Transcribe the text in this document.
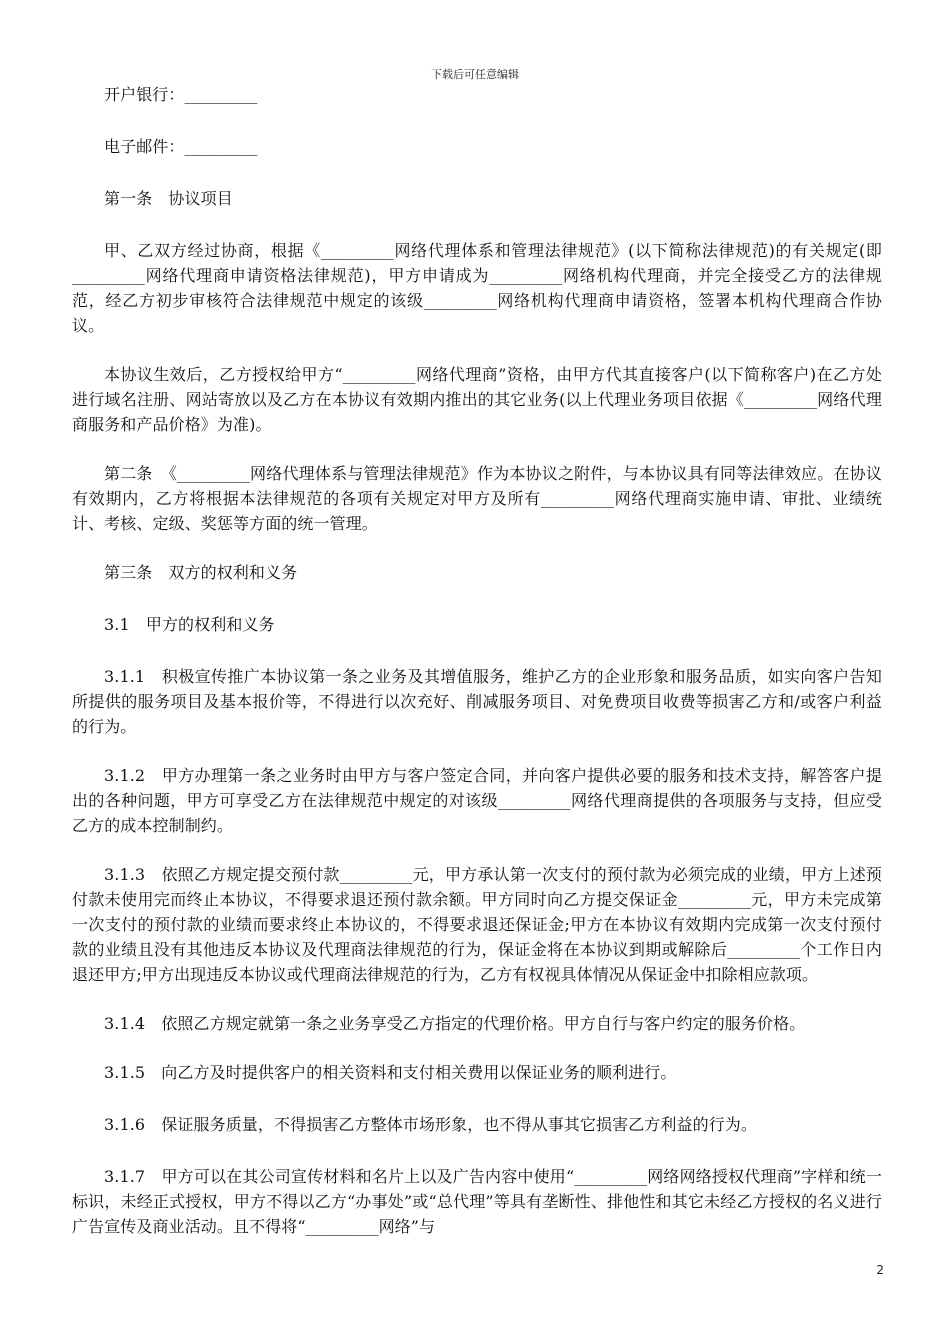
下载后可任意编辑

开户银行：_________

电子邮件：_________

第一条　协议项目

甲、乙双方经过协商，根据《_________网络代理体系和管理法律规范》(以下简称法律规范)的有关规定(即_________网络代理商申请资格法律规范)，甲方申请成为_________网络机构代理商，并完全接受乙方的法律规范，经乙方初步审核符合法律规范中规定的该级_________网络机构代理商申请资格，签署本机构代理商合作协议。

本协议生效后，乙方授权给甲方“_________网络代理商”资格，由甲方代其直接客户(以下简称客户)在乙方处进行域名注册、网站寄放以及乙方在本协议有效期内推出的其它业务(以上代理业务项目依据《_________网络代理商服务和产品价格》为准)。

第二条　《_________网络代理体系与管理法律规范》作为本协议之附件，与本协议具有同等法律效应。在协议有效期内，乙方将根据本法律规范的各项有关规定对甲方及所有_________网络代理商实施申请、审批、业绩统计、考核、定级、奖惩等方面的统一管理。

第三条　双方的权利和义务

3.1　甲方的权利和义务

3.1.1　积极宣传推广本协议第一条之业务及其增值服务，维护乙方的企业形象和服务品质，如实向客户告知所提供的服务项目及基本报价等，不得进行以次充好、削减服务项目、对免费项目收费等损害乙方和/或客户利益的行为。

3.1.2　甲方办理第一条之业务时由甲方与客户签定合同，并向客户提供必要的服务和技术支持，解答客户提出的各种问题，甲方可享受乙方在法律规范中规定的对该级_________网络代理商提供的各项服务与支持，但应受乙方的成本控制制约。

3.1.3　依照乙方规定提交预付款_________元，甲方承认第一次支付的预付款为必须完成的业绩，甲方上述预付款未使用完而终止本协议，不得要求退还预付款余额。甲方同时向乙方提交保证金_________元，甲方未完成第一次支付的预付款的业绩而要求终止本协议的，不得要求退还保证金;甲方在本协议有效期内完成第一次支付预付款的业绩且没有其他违反本协议及代理商法律规范的行为，保证金将在本协议到期或解除后_________个工作日内退还甲方;甲方出现违反本协议或代理商法律规范的行为，乙方有权视具体情况从保证金中扣除相应款项。

3.1.4　依照乙方规定就第一条之业务享受乙方指定的代理价格。甲方自行与客户约定的服务价格。

3.1.5　向乙方及时提供客户的相关资料和支付相关费用以保证业务的顺利进行。

3.1.6　保证服务质量，不得损害乙方整体市场形象，也不得从事其它损害乙方利益的行为。

3.1.7　甲方可以在其公司宣传材料和名片上以及广告内容中使用“_________网络网络授权代理商”字样和统一标识，未经正式授权，甲方不得以乙方“办事处”或“总代理”等具有垄断性、排他性和其它未经乙方授权的名义进行广告宣传及商业活动。且不得将“_________网络”与

2
